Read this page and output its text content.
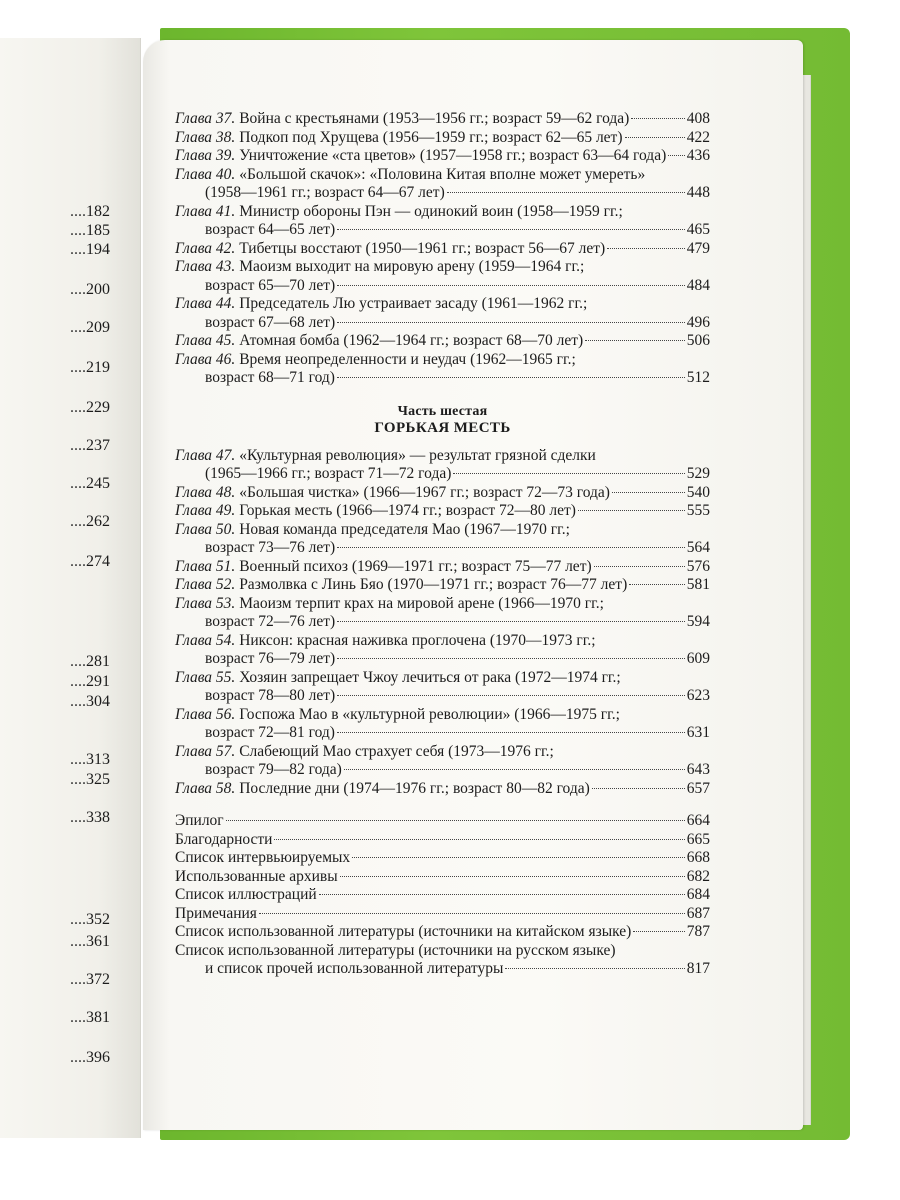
....182
....185
....194
....200
....209
....219
....229
....237
....245
....262
....274
....281
....291
....304
....313
....325
....338
....352
....361
....372
....381
....396
Глава 37. Война с крестьянами (1953—1956 гг.; возраст 59—62 года)	408
Глава 38. Подкоп под Хрущева (1956—1959 гг.; возраст 62—65 лет)	422
Глава 39. Уничтожение «ста цветов» (1957—1958 гг.; возраст 63—64 года) 436
Глава 40. «Большой скачок»: «Половина Китая вполне может умереть»
(1958—1961 гг.; возраст 64—67 лет)	448
Глава 41. Министр обороны Пэн — одинокий воин (1958—1959 гг.;
возраст 64—65 лет)	465
Глава 42. Тибетцы восстают (1950—1961 гг.; возраст 56—67 лет)	479
Глава 43. Маоизм выходит на мировую арену (1959—1964 гг.;
возраст 65—70 лет)	484
Глава 44. Председатель Лю устраивает засаду (1961—1962 гг.;
возраст 67—68 лет)	496
Глава 45. Атомная бомба (1962—1964 гг.; возраст 68—70 лет)	506
Глава 46. Время неопределенности и неудач (1962—1965 гг.;
возраст 68—71 год)	512
Часть шестая
ГОРЬКАЯ МЕСТЬ
Глава 47. «Культурная революция» — результат грязной сделки
(1965—1966 гг.; возраст 71—72 года)	529
Глава 48. «Большая чистка» (1966—1967 гг.; возраст 72—73 года)	540
Глава 49. Горькая месть (1966—1974 гг.; возраст 72—80 лет)	555
Глава 50. Новая команда председателя Мао (1967—1970 гг.;
возраст 73—76 лет)	564
Глава 51. Военный психоз (1969—1971 гг.; возраст 75—77 лет)	576
Глава 52. Размолвка с Линь Бяо (1970—1971 гг.; возраст 76—77 лет)	581
Глава 53. Маоизм терпит крах на мировой арене (1966—1970 гг.;
возраст 72—76 лет)	594
Глава 54. Никсон: красная наживка проглочена (1970—1973 гг.;
возраст 76—79 лет)	609
Глава 55. Хозяин запрещает Чжоу лечиться от рака (1972—1974 гг.;
возраст 78—80 лет)	623
Глава 56. Госпожа Мао в «культурной революции» (1966—1975 гг.;
возраст 72—81 год)	631
Глава 57. Слабеющий Мао страхует себя (1973—1976 гг.;
возраст 79—82 года)	643
Глава 58. Последние дни (1974—1976 гг.; возраст 80—82 года)	657
Эпилог	664
Благодарности	665
Список интервьюируемых	668
Использованные архивы	682
Список иллюстраций	684
Примечания	687
Список использованной литературы (источники на китайском языке)	787
Список использованной литературы (источники на русском языке)
и список прочей использованной литературы	817
